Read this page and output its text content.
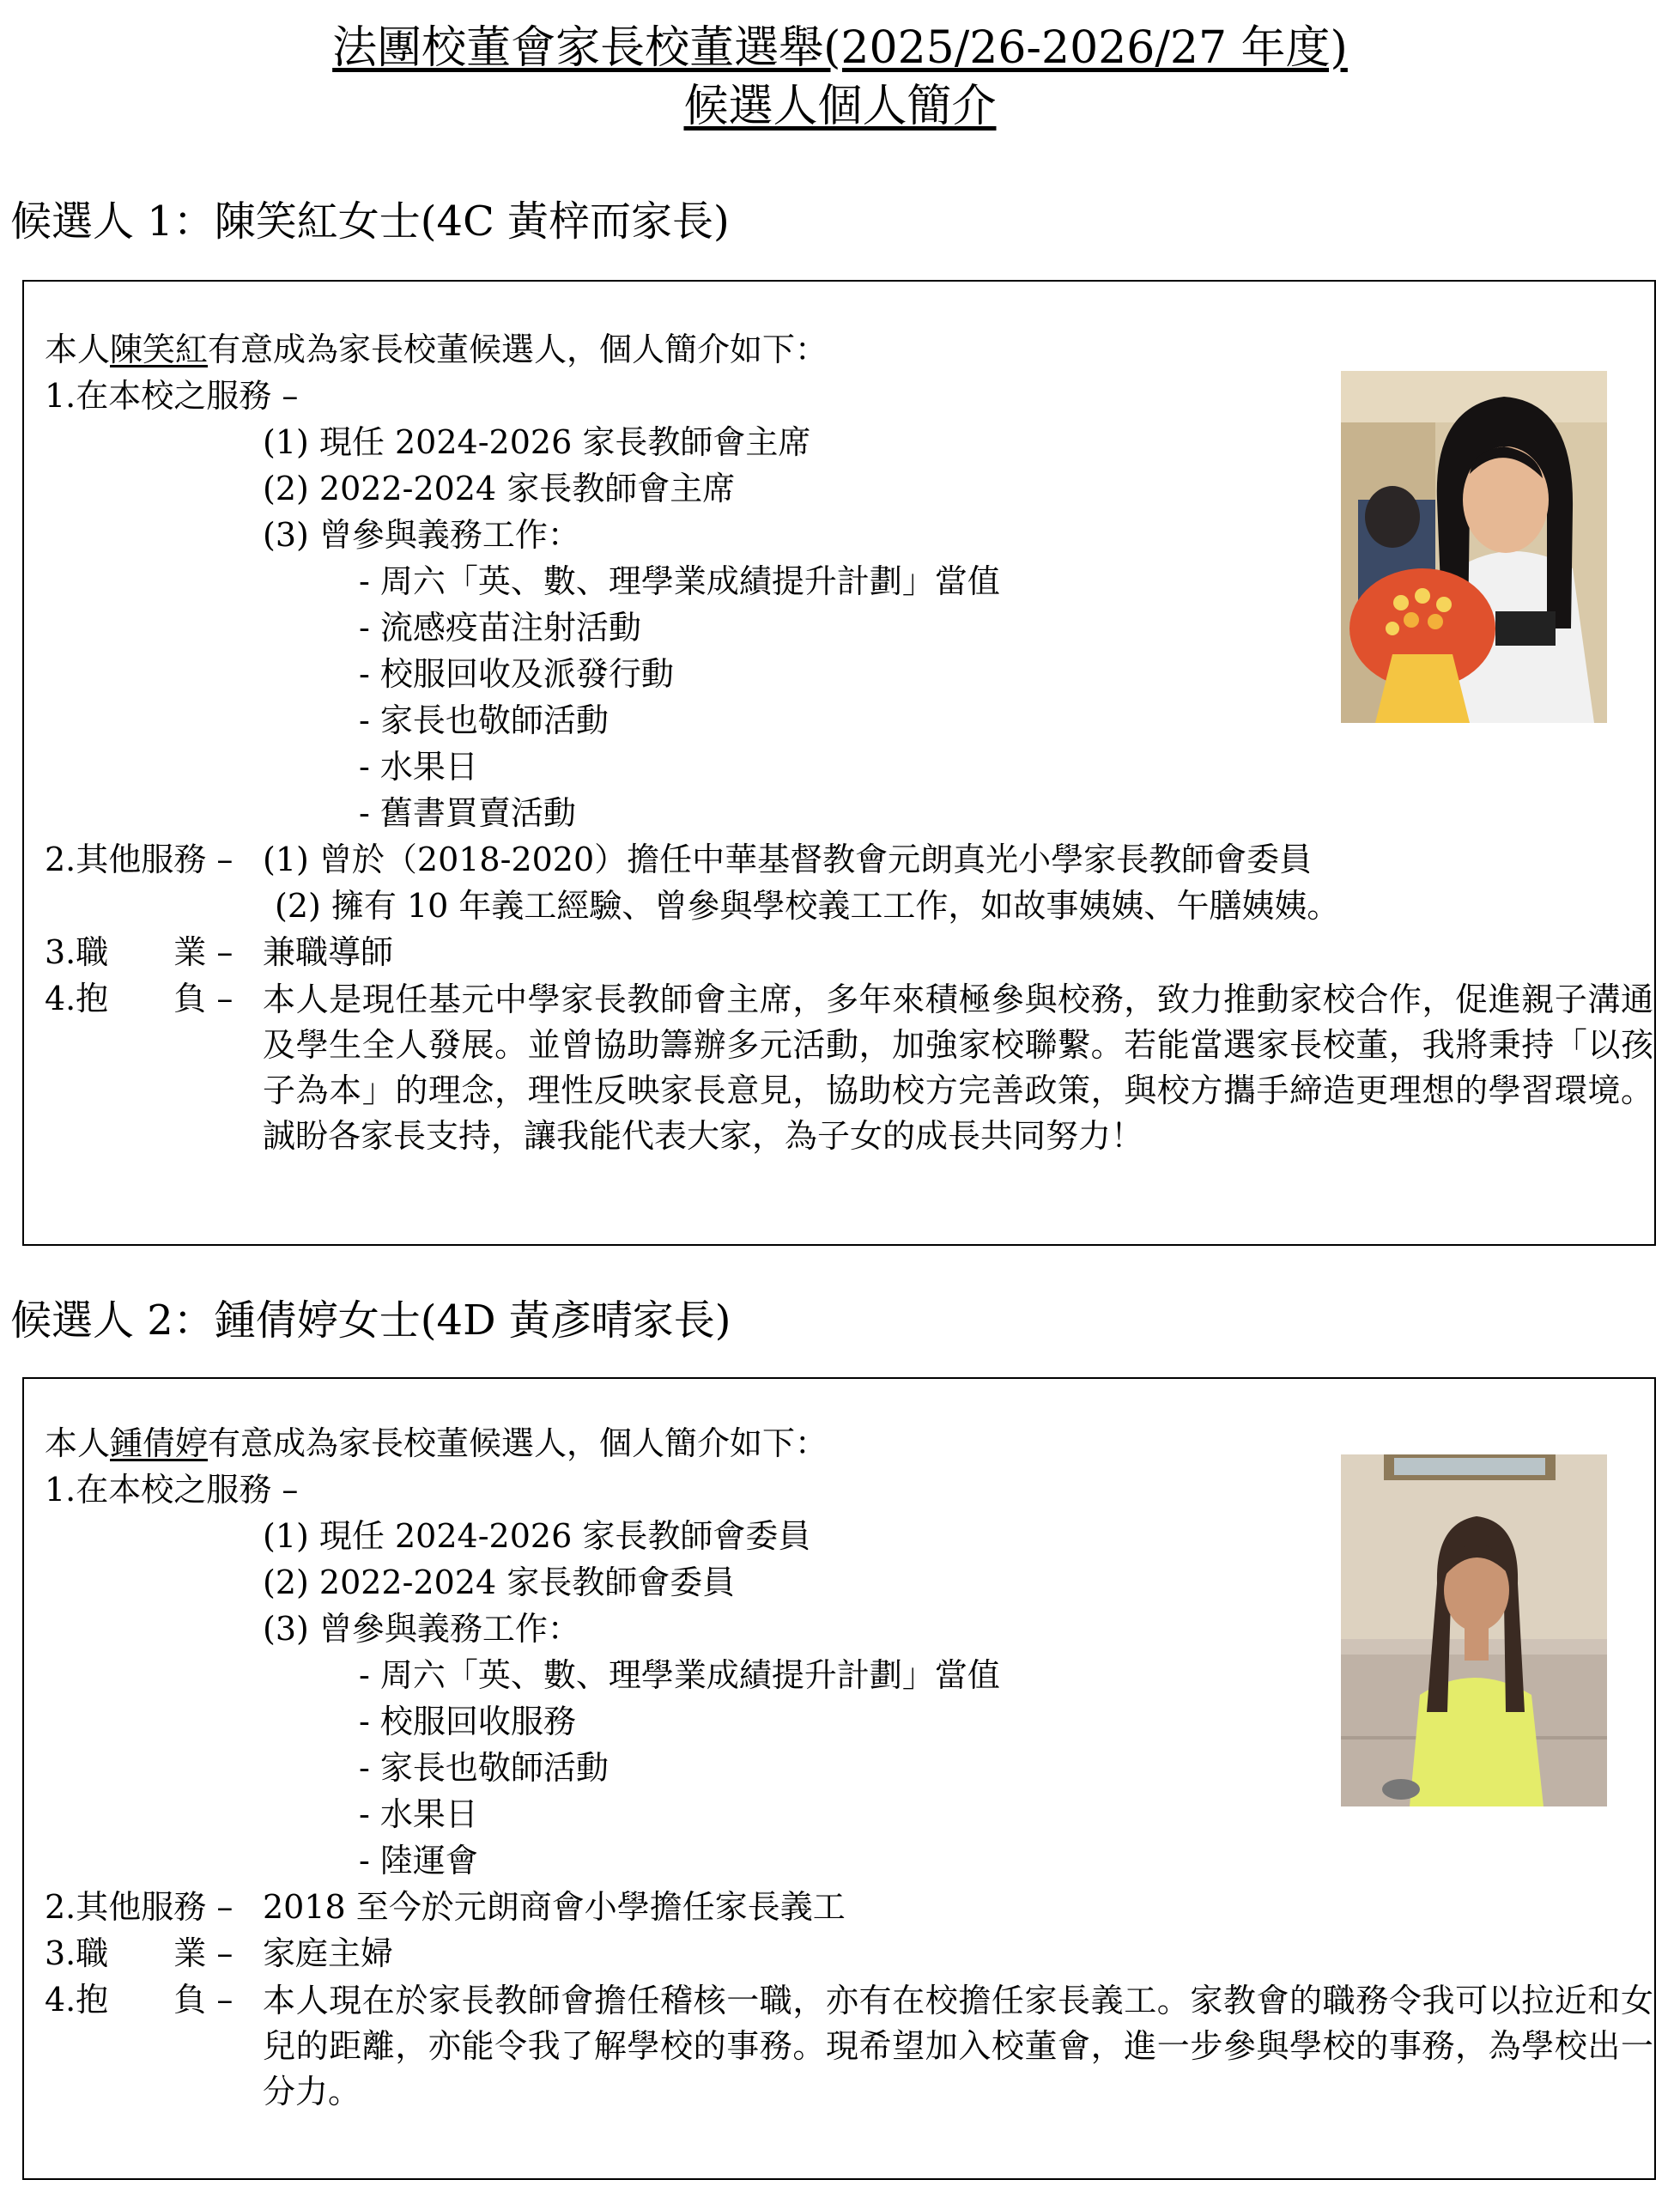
法團校董會家長校董選舉(2025/26-2026/27 年度)
候選人個人簡介
候選人 1：陳笑紅女士(4C 黃梓而家長)
本人陳笑紅有意成為家長校董候選人，個人簡介如下：
1.在本校之服務 –
(1) 現任 2024-2026 家長教師會主席
(2) 2022-2024 家長教師會主席
(3) 曾參與義務工作：
- 周六「英、數、理學業成績提升計劃」當值
- 流感疫苗注射活動
- 校服回收及派發行動
- 家長也敬師活動
- 水果日
- 舊書買賣活動
2.其他服務 – (1) 曾於（2018-2020）擔任中華基督教會元朗真光小學家長教師會委員
(2) 擁有 10 年義工經驗、曾參與學校義工工作，如故事姨姨、午膳姨姨。
3.職　　業 – 兼職導師
4.抱　　負 – 本人是現任基元中學家長教師會主席，多年來積極參與校務，致力推動家校合作，促進親子溝通及學生全人發展。並曾協助籌辦多元活動，加強家校聯繫。若能當選家長校董，我將秉持「以孩子為本」的理念，理性反映家長意見，協助校方完善政策，與校方攜手締造更理想的學習環境。誠盼各家長支持，讓我能代表大家，為子女的成長共同努力！
候選人 2：鍾倩婷女士(4D 黃彥晴家長)
本人鍾倩婷有意成為家長校董候選人，個人簡介如下：
1.在本校之服務 –
(1) 現任 2024-2026 家長教師會委員
(2) 2022-2024 家長教師會委員
(3) 曾參與義務工作：
- 周六「英、數、理學業成績提升計劃」當值
- 校服回收服務
- 家長也敬師活動
- 水果日
- 陸運會
2.其他服務 – 2018 至今於元朗商會小學擔任家長義工
3.職　　業 – 家庭主婦
4.抱　　負 – 本人現在於家長教師會擔任稽核一職，亦有在校擔任家長義工。家教會的職務令我可以拉近和女兒的距離，亦能令我了解學校的事務。現希望加入校董會，進一步參與學校的事務，為學校出一分力。
